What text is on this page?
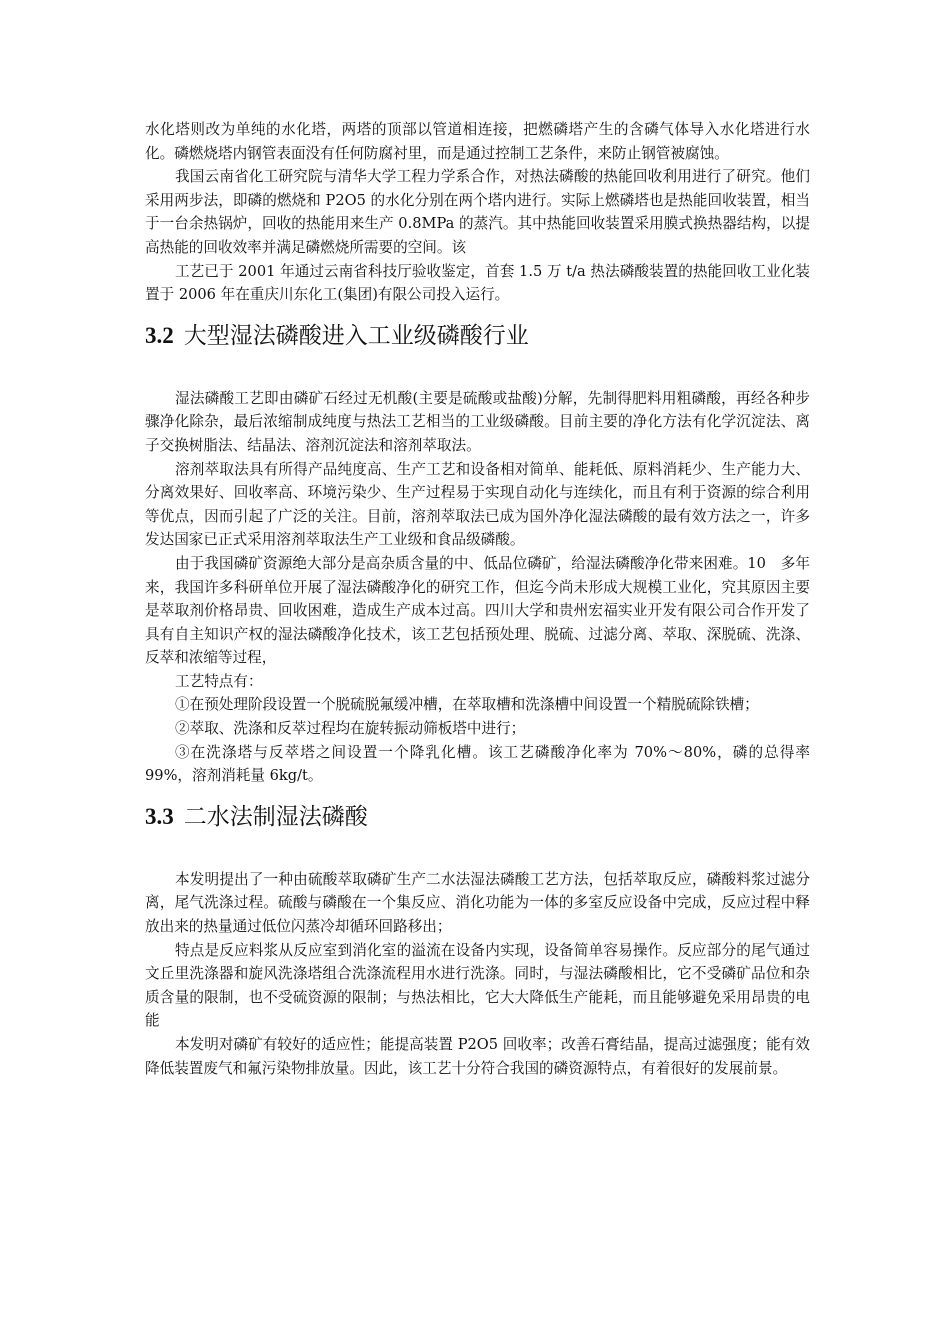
水化塔则改为单纯的水化塔，两塔的顶部以管道相连接，把燃磷塔产生的含磷气体导入水化塔进行水化。磷燃烧塔内钢管表面没有任何防腐衬里，而是通过控制工艺条件，来防止钢管被腐蚀。

我国云南省化工研究院与清华大学工程力学系合作，对热法磷酸的热能回收利用进行了研究。他们采用两步法，即磷的燃烧和 P2O5 的水化分别在两个塔内进行。实际上燃磷塔也是热能回收装置，相当于一台余热锅炉，回收的热能用来生产 0.8MPa 的蒸汽。其中热能回收装置采用膜式换热器结构，以提高热能的回收效率并满足磷燃烧所需要的空间。该

工艺已于 2001 年通过云南省科技厅验收鉴定，首套 1.5 万 t/a 热法磷酸装置的热能回收工业化装置于 2006 年在重庆川东化工(集团)有限公司投入运行。

3.2 大型湿法磷酸进入工业级磷酸行业

湿法磷酸工艺即由磷矿石经过无机酸(主要是硫酸或盐酸)分解，先制得肥料用粗磷酸，再经各种步骤净化除杂，最后浓缩制成纯度与热法工艺相当的工业级磷酸。目前主要的净化方法有化学沉淀法、离子交换树脂法、结晶法、溶剂沉淀法和溶剂萃取法。

溶剂萃取法具有所得产品纯度高、生产工艺和设备相对简单、能耗低、原料消耗少、生产能力大、分离效果好、回收率高、环境污染少、生产过程易于实现自动化与连续化，而且有利于资源的综合利用等优点，因而引起了广泛的关注。目前，溶剂萃取法已成为国外净化湿法磷酸的最有效方法之一，许多发达国家已正式采用溶剂萃取法生产工业级和食品级磷酸。

由于我国磷矿资源绝大部分是高杂质含量的中、低品位磷矿，给湿法磷酸净化带来困难。10　多年来，我国许多科研单位开展了湿法磷酸净化的研究工作，但迄今尚未形成大规模工业化，究其原因主要是萃取剂价格昂贵、回收困难，造成生产成本过高。四川大学和贵州宏福实业开发有限公司合作开发了具有自主知识产权的湿法磷酸净化技术，该工艺包括预处理、脱硫、过滤分离、萃取、深脱硫、洗涤、反萃和浓缩等过程，

工艺特点有：

①在预处理阶段设置一个脱硫脱氟缓冲槽，在萃取槽和洗涤槽中间设置一个精脱硫除铁槽；

②萃取、洗涤和反萃过程均在旋转振动筛板塔中进行；

③在洗涤塔与反萃塔之间设置一个降乳化槽。该工艺磷酸净化率为 70%～80%，磷的总得率 99%，溶剂消耗量 6kg/t。

3.3 二水法制湿法磷酸

本发明提出了一种由硫酸萃取磷矿生产二水法湿法磷酸工艺方法，包括萃取反应，磷酸料浆过滤分离，尾气洗涤过程。硫酸与磷酸在一个集反应、消化功能为一体的多室反应设备中完成，反应过程中释放出来的热量通过低位闪蒸冷却循环回路移出；

特点是反应料浆从反应室到消化室的溢流在设备内实现，设备简单容易操作。反应部分的尾气通过文丘里洗涤器和旋风洗涤塔组合洗涤流程用水进行洗涤。同时，与湿法磷酸相比，它不受磷矿品位和杂质含量的限制，也不受硫资源的限制；与热法相比，它大大降低生产能耗，而且能够避免采用昂贵的电能

本发明对磷矿有较好的适应性；能提高装置 P2O5 回收率；改善石膏结晶，提高过滤强度；能有效降低装置废气和氟污染物排放量。因此，该工艺十分符合我国的磷资源特点，有着很好的发展前景。
